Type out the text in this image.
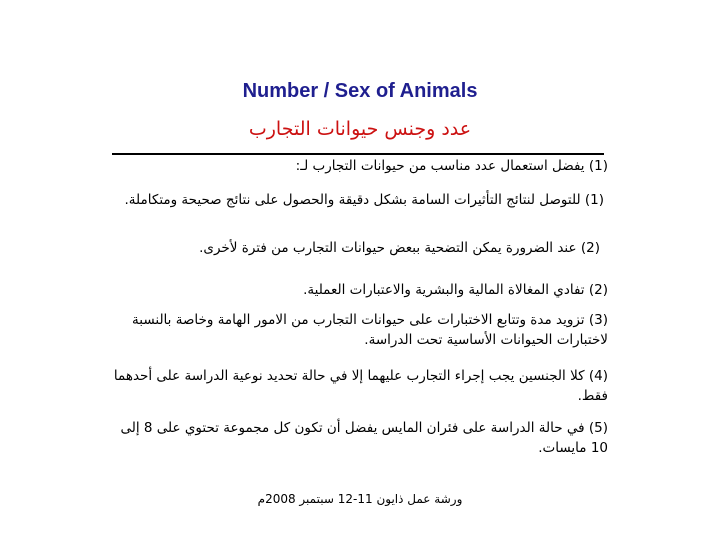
Number / Sex of Animals
عدد وجنس حيوانات التجارب
(1) يفضل استعمال عدد مناسب من حيوانات التجارب لـ:
(1) للتوصل لنتائج التأثيرات السامة بشكل دقيقة والحصول على نتائج صحيحة ومتكاملة.
(2) عند الضرورة يمكن التضحية ببعض حيوانات التجارب من فترة لأخرى.
(2) تفادي المغالاة المالية والبشرية والاعتبارات العملية.
(3) تزويد مدة وتتابع الاختبارات على حيوانات التجارب من الامور الهامة وخاصة بالنسبة لاختبارات الحيوانات الأساسية تحت الدراسة.
(4) كلا الجنسين يجب إجراء التجارب عليهما إلا في حالة تحديد نوعية الدراسة على أحدهما فقط.
(5) في حالة الدراسة على فئران المايس يفضل أن تكون كل مجموعة تحتوي على 8 إلى 10 مايسات.
ورشة عمل ذايون 11-12 سبتمبر 2008م
